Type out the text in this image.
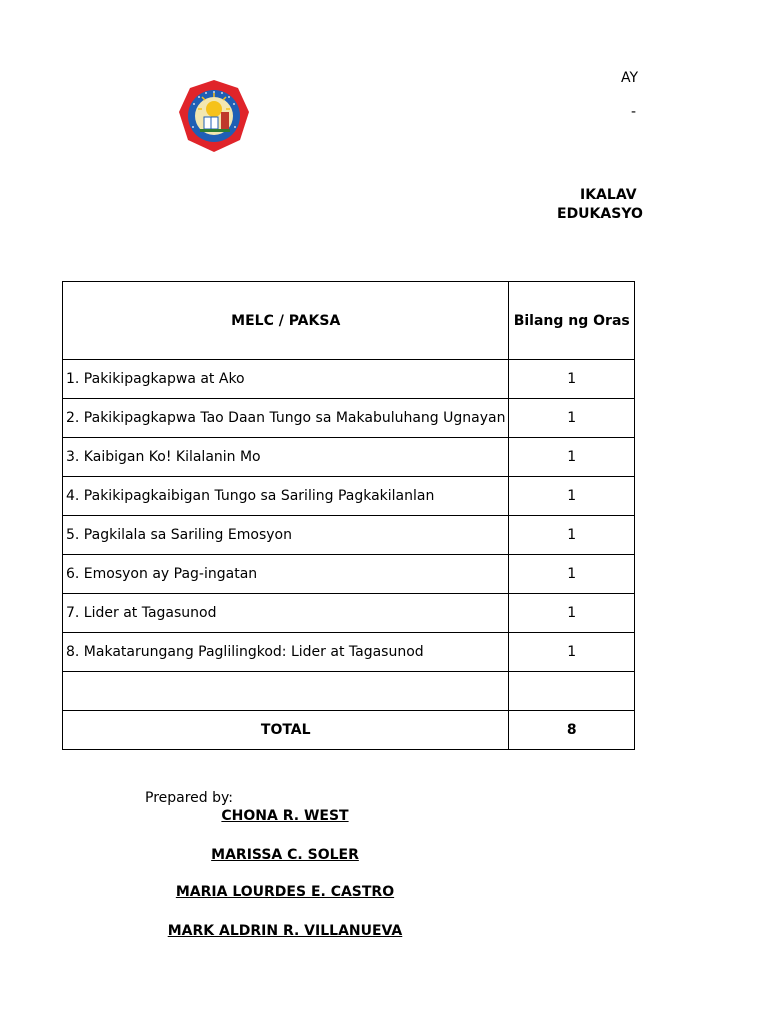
AY
-
IKALAV
EDUKASYO
MELC / PAKSA	Bilang ng Oras
1. Pakikipagkapwa at Ako	1
2. Pakikipagkapwa Tao Daan Tungo sa Makabuluhang Ugnayan	1
3. Kaibigan Ko! Kilalanin Mo	1
4. Pakikipagkaibigan Tungo sa Sariling Pagkakilanlan	1
5. Pagkilala sa Sariling Emosyon	1
6. Emosyon ay Pag-ingatan	1
7. Lider at Tagasunod	1
8. Makatarungang Paglilingkod: Lider at Tagasunod	1

TOTAL	8
Prepared by:
CHONA R. WEST
MARISSA C. SOLER
MARIA LOURDES E. CASTRO
MARK ALDRIN R. VILLANUEVA
